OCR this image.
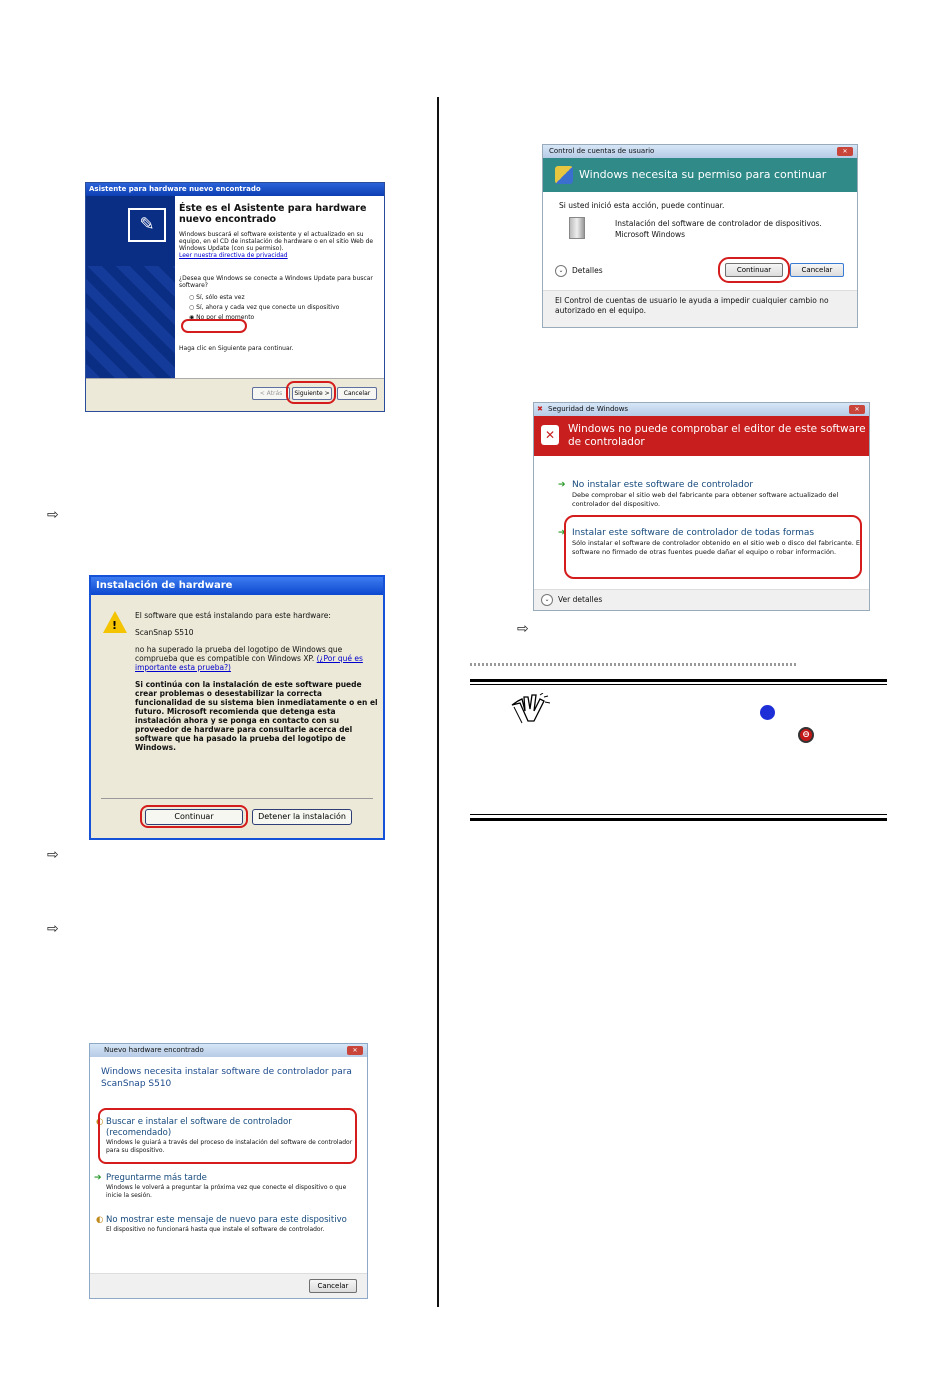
Asistente para hardware nuevo encontrado
✎
Éste es el Asistente para hardware nuevo encontrado
Windows buscará el software existente y el actualizado en su equipo, en el CD de instalación de hardware o en el sitio Web de Windows Update (con su permiso).
Leer nuestra directiva de privacidad
¿Desea que Windows se conecte a Windows Update para buscar software?
○ Sí, sólo esta vez
○ Sí, ahora y cada vez que conecte un dispositivo
◉ No por el momento
Haga clic en Siguiente para continuar.
< Atrás	Siguiente >	Cancelar
⇨
Instalación de hardware
!
El software que está instalando para este hardware:
ScanSnap S510
no ha superado la prueba del logotipo de Windows que comprueba que es compatible con Windows XP. (¿Por qué es importante esta prueba?)
Si continúa con la instalación de este software puede crear problemas o desestabilizar la correcta funcionalidad de su sistema bien inmediatamente o en el futuro. Microsoft recomienda que detenga esta instalación ahora y se ponga en contacto con su proveedor de hardware para consultarle acerca del software que ha pasado la prueba del logotipo de Windows.
Continuar	Detener la instalación
⇨
⇨
Nuevo hardware encontrado	✕
Windows necesita instalar software de controlador para ScanSnap S510
◐ Buscar e instalar el software de controlador (recomendado)
Windows le guiará a través del proceso de instalación del software de controlador para su dispositivo.
➔ Preguntarme más tarde
Windows le volverá a preguntar la próxima vez que conecte el dispositivo o que inicie la sesión.
◐ No mostrar este mensaje de nuevo para este dispositivo
El dispositivo no funcionará hasta que instale el software de controlador.
Cancelar
Control de cuentas de usuario	✕
Windows necesita su permiso para continuar
Si usted inició esta acción, puede continuar.
Instalación del software de controlador de dispositivos.
Microsoft Windows
⌄	Detalles	Continuar	Cancelar
El Control de cuentas de usuario le ayuda a impedir cualquier cambio no autorizado en el equipo.
✖ Seguridad de Windows	✕
Windows no puede comprobar el editor de este software de controlador
✕
➔ No instalar este software de controlador
Debe comprobar el sitio web del fabricante para obtener software actualizado del controlador del dispositivo.
➔ Instalar este software de controlador de todas formas
Sólo instalar el software de controlador obtenido en el sitio web o disco del fabricante. El software no firmado de otras fuentes puede dañar el equipo o robar información.
⌄	Ver detalles
⇨
⊖
